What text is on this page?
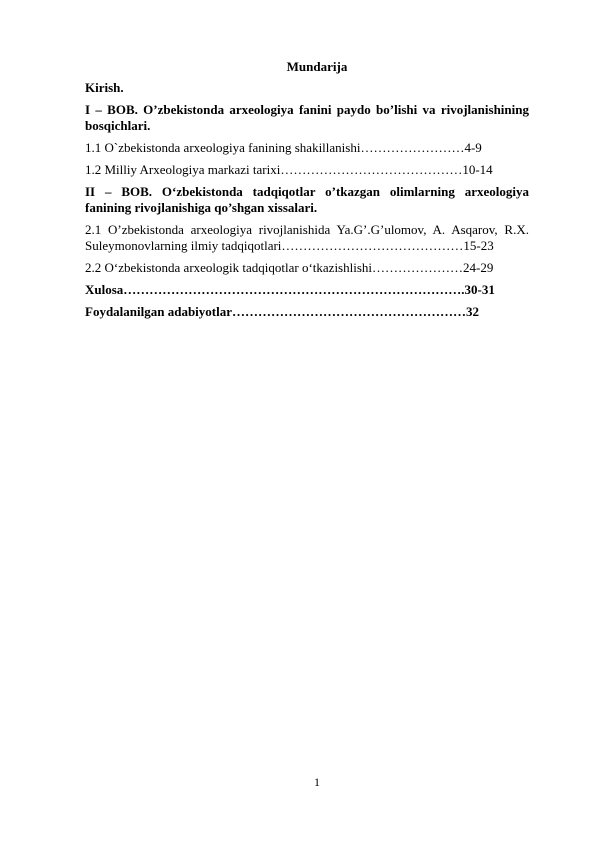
Mundarija

Kirish.

I – BOB. O’zbekistonda arxeologiya fanini paydo bo’lishi va rivojlanishining bosqichlari.

1.1 O`zbekistonda arxeologiya fanining shakillanishi……………………4-9

1.2 Milliy Arxeologiya markazi tarixi……………………………………10-14

II – BOB. O‘zbekistonda tadqiqotlar o’tkazgan olimlarning arxeologiya fanining rivojlanishiga qo’shgan xissalari.

2.1 O’zbekistonda arxeologiya rivojlanishida Ya.G’.G’ulomov, A. Asqarov, R.X. Suleymonovlarning ilmiy tadqiqotlari……………………………………15-23

2.2 O‘zbekistonda arxeologik tadqiqotlar o‘tkazishlishi…………………24-29

Xulosa…………………………………………………………………….30-31

Foydalanilgan adabiyotlar………………………………………………32

1
